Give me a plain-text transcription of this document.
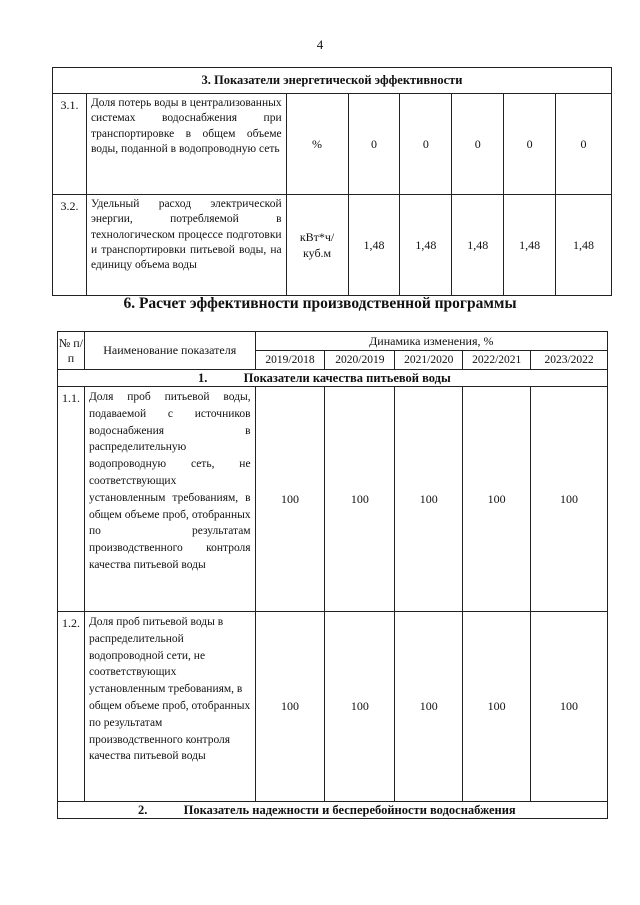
4
3. Показатели энергетической эффективности							
3.1.	Доля потерь воды в централизованных системах водоснабжения при транспортировке в общем объеме воды, поданной в водопроводную сеть	%	0	0	0	0	0
3.2.	Удельный расход электрической энергии, потребляемой в технологическом процессе подготовки и транспортировки питьевой воды, на единицу объема воды	кВт*ч/ куб.м	1,48	1,48	1,48	1,48	1,48
6. Расчет эффективности производственной программы
№ п/п	Наименование показателя	Динамика изменения, %				
		2019/2018	2020/2019	2021/2020	2022/2021	2023/2022
1. Показатели качества питьевой воды						
1.1.	Доля проб питьевой воды, подаваемой с источников водоснабжения в распределительную водопроводную сеть, не соответствующих установленным требованиям, в общем объеме проб, отобранных по результатам производственного контроля качества питьевой воды	100	100	100	100	100
1.2.	Доля проб питьевой воды в распределительной водопроводной сети, не соответствующих установленным требованиям, в общем объеме проб, отобранных по результатам производственного контроля качества питьевой воды	100	100	100	100	100
2. Показатель надежности и бесперебойности водоснабжения						
